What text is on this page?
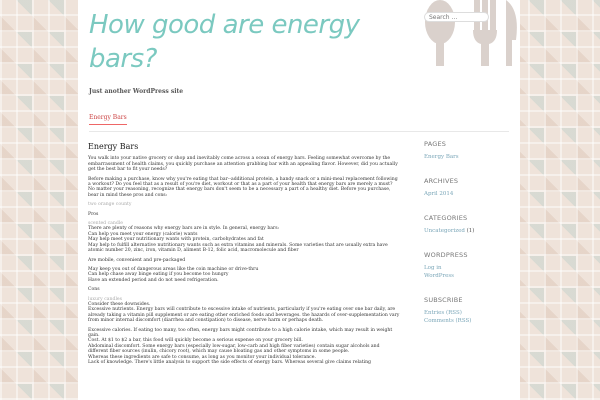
How good are energy bars?
Just another WordPress site
Search …
Energy Bars
Energy Bars

You walk into your native grocery or shop and inevitably come across a ocean of energy bars. Feeling somewhat overcome by the embarrassment of health claims, you quickly purchase an attention grabbing bar with an appealing flavor. However, did you actually get the best bar to fit your needs?

Before making a purchase, know why you're eating that bar--additional protein, a handy snack or a mini-meal replacement following a workout? Do you feel that as a result of you're diet, workout or that as a part of your health that energy bars are merely a must? No matter your reasoning, recognize that energy bars don't seem to be a necessary a part of a healthy diet. Before you purchase, bear in mind these pros and cons:

two orange county

Pros

scented candle

There are plenty of reasons why energy bars are in style. In general, energy bars:
Can help you meet your energy (calorie) wants
May help meet your nutritionary wants with protein, carbohydrates and fat
May help to fulfill alternative nutritionary wants such as extra vitamins and minerals. Some varieties that are usually extra have atomic number 20, zinc, iron, vitamin D, aliment B-12, folic acid, macromolecule and fiber

Are mobile, convenient and pre-packaged

May keep you out of dangerous areas like the coin machine or drive-thru
Can help chase away binge eating if you become too hungry
Have an extended period and do not need refrigeration.

Cons

luxury candles

Consider these downsides.
Excessive nutrients. Energy bars will contribute to excessive intake of nutrients, particularly if you're eating over one bar daily, are already taking a vitamin pill supplement or are eating other enriched foods and beverages. the hazards of over-supplementation vary from minor internal discomfort (diarrhea and constipation) to disease, nerve harm or perhaps death.

Excessive calories. If eating too many, too often, energy bars might contribute to a high calorie intake, which may result in weight gain.
Cost. At $1 to $2 a bar, this food will quickly become a serious expense on your grocery bill.
Abdominal discomfort. Some energy bars (especially low-sugar, low-carb and high fiber varieties) contain sugar alcohols and different fiber sources (inulin, chicory root), which may cause bloating gas and other symptoms in some people.
Whereas these ingredients are safe to consume, as long as you monitor your individual tolerance.
Lack of knowledge. There's little analysis to support the side effects of energy bars. Whereas several give claims relating

PAGES
Energy Bars
ARCHIVES
April 2014
CATEGORIES
Uncategorized (1)
WORDPRESS
Log in
WordPress
SUBSCRIBE
Entries (RSS)
Comments (RSS)
